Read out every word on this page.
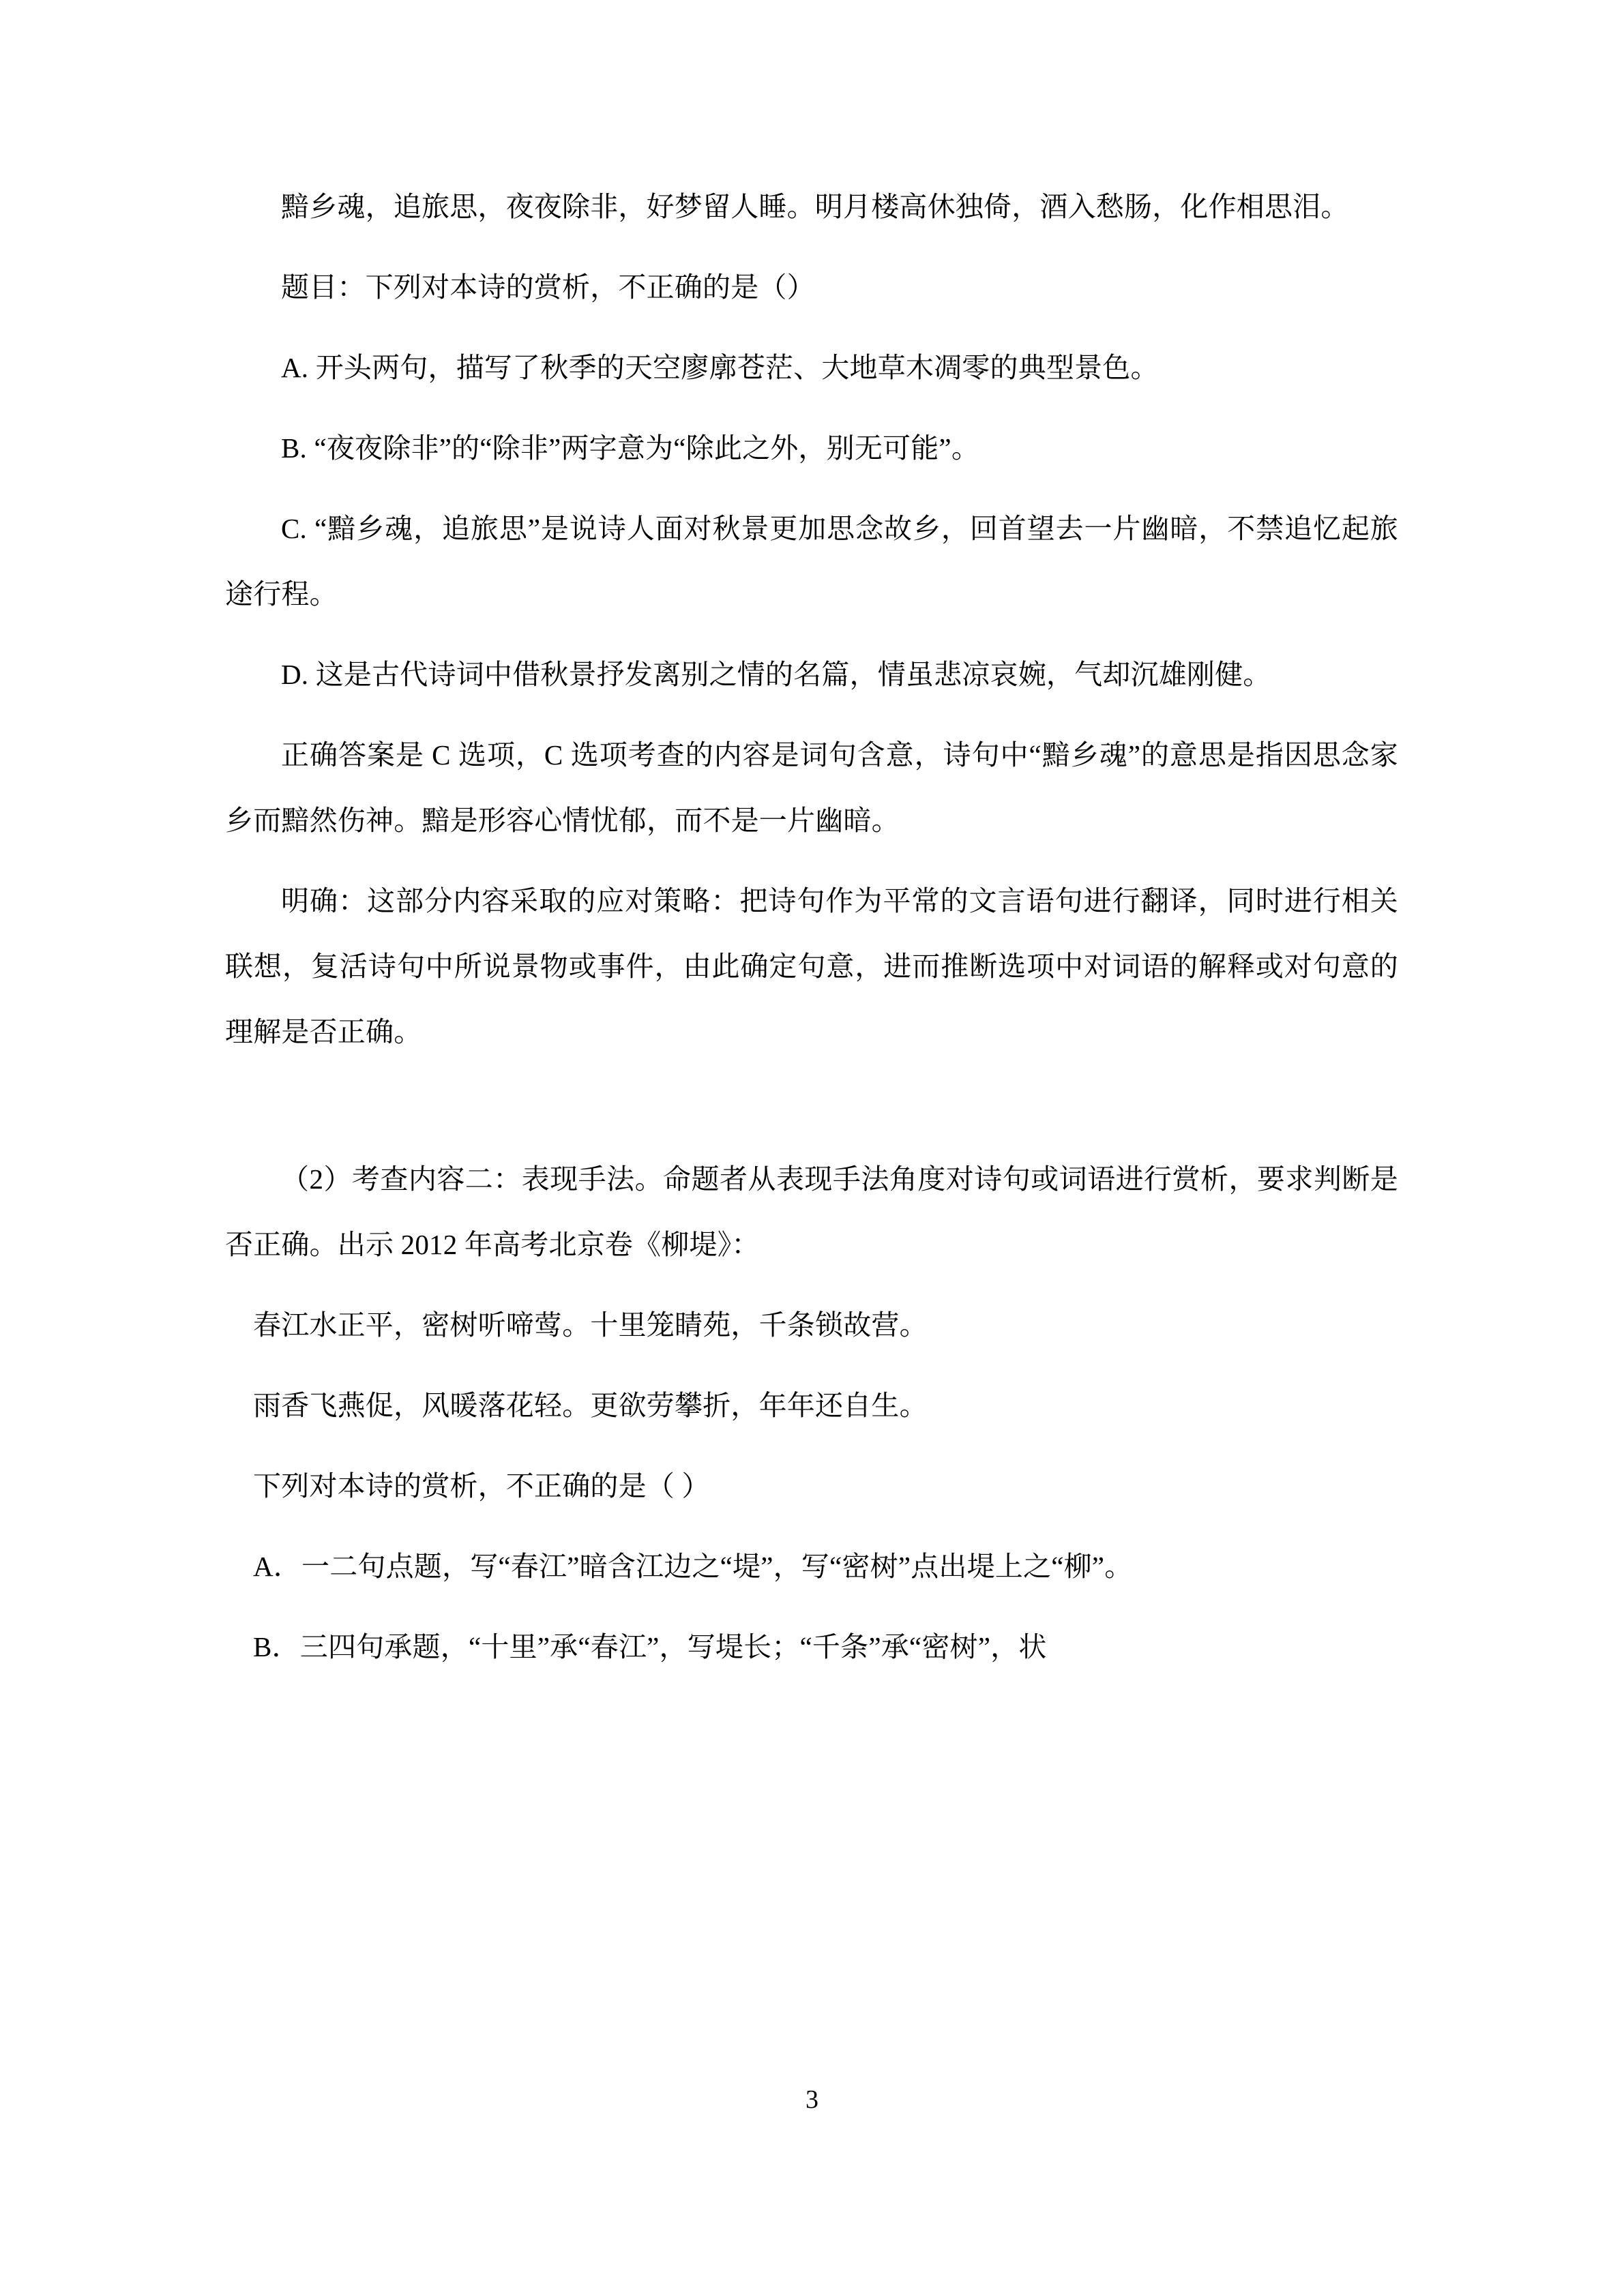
黯乡魂，追旅思，夜夜除非，好梦留人睡。明月楼高休独倚，酒入愁肠，化作相思泪。

题目：下列对本诗的赏析，不正确的是（）

A. 开头两句，描写了秋季的天空廖廓苍茫、大地草木凋零的典型景色。

B. “夜夜除非”的“除非”两字意为“除此之外，别无可能”。

C. “黯乡魂，追旅思”是说诗人面对秋景更加思念故乡，回首望去一片幽暗，不禁追忆起旅途行程。

D. 这是古代诗词中借秋景抒发离别之情的名篇，情虽悲凉哀婉，气却沉雄刚健。

正确答案是 C 选项，C 选项考查的内容是词句含意，诗句中“黯乡魂”的意思是指因思念家乡而黯然伤神。黯是形容心情忧郁，而不是一片幽暗。

明确：这部分内容采取的应对策略：把诗句作为平常的文言语句进行翻译，同时进行相关联想，复活诗句中所说景物或事件，由此确定句意，进而推断选项中对词语的解释或对句意的理解是否正确。

（2）考查内容二：表现手法。命题者从表现手法角度对诗句或词语进行赏析，要求判断是否正确。出示 2012 年高考北京卷《柳堤》：

春江水正平，密树听啼莺。十里笼睛苑，千条锁故营。

雨香飞燕促，风暖落花轻。更欲劳攀折，年年还自生。

下列对本诗的赏析，不正确的是（ ）

A．一二句点题，写“春江”暗含江边之“堤”，写“密树”点出堤上之“柳”。

B．三四句承题，“十里”承“春江”，写堤长；“千条”承“密树”，状

3
